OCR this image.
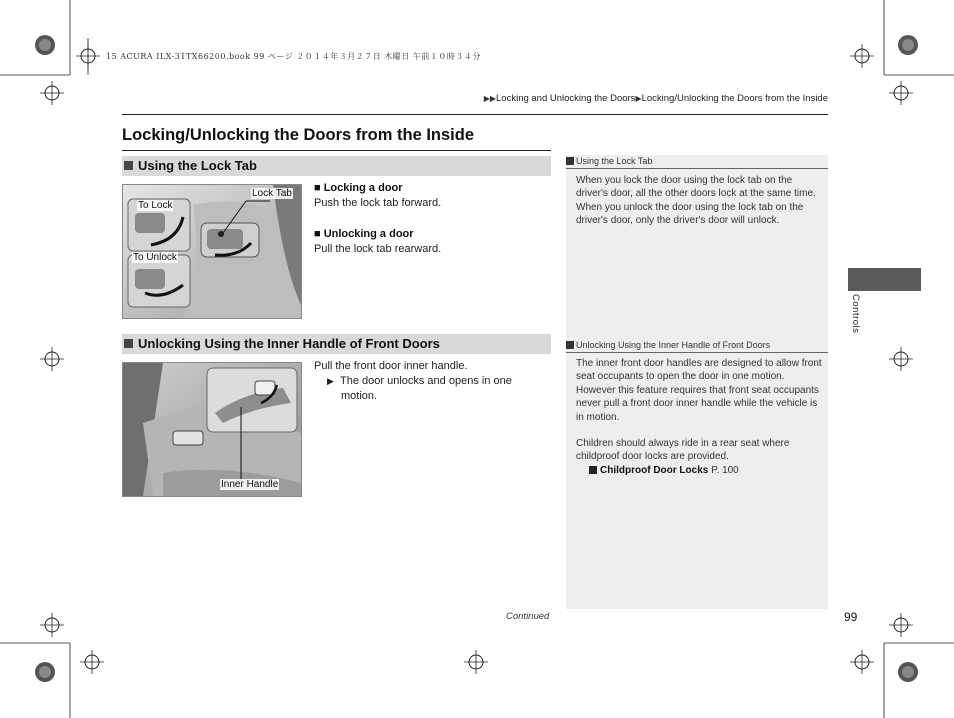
15 ACURA ILX-31TX66200.book 99 ページ ２０１４年３月２７日 木曜日 午前１０時３４分
▶▶Locking and Unlocking the Doors▶Locking/Unlocking the Doors from the Inside
Locking/Unlocking the Doors from the Inside
Using the Lock Tab
Lock Tab
To Lock
To Unlock
■ Locking a door
Push the lock tab forward.
■ Unlocking a door
Pull the lock tab rearward.
Unlocking Using the Inner Handle of Front Doors
Inner Handle
Pull the front door inner handle.
▶ The door unlocks and opens in one motion.
Using the Lock Tab
When you lock the door using the lock tab on the driver's door, all the other doors lock at the same time.
When you unlock the door using the lock tab on the driver's door, only the driver's door will unlock.
Unlocking Using the Inner Handle of Front Doors
The inner front door handles are designed to allow front seat occupants to open the door in one motion. However this feature requires that front seat occupants never pull a front door inner handle while the vehicle is in motion.
Children should always ride in a rear seat where childproof door locks are provided.
Childproof Door Locks P. 100
Controls
Continued	99
